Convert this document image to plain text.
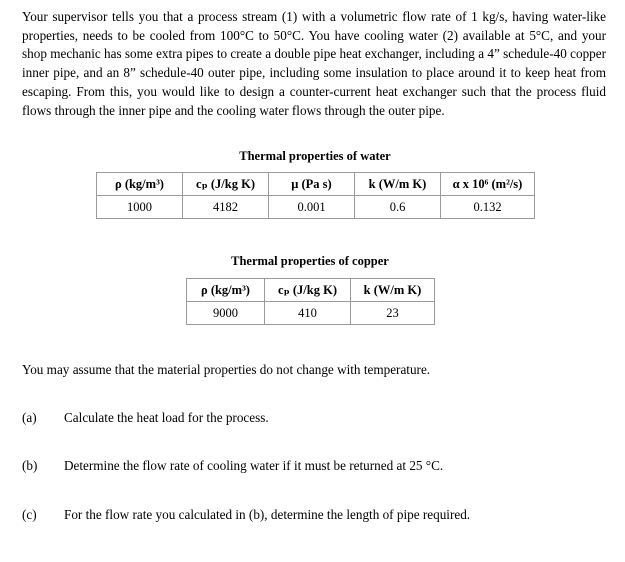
Your supervisor tells you that a process stream (1) with a volumetric flow rate of 1 kg/s, having water-like properties, needs to be cooled from 100°C to 50°C. You have cooling water (2) available at 5°C, and your shop mechanic has some extra pipes to create a double pipe heat exchanger, including a 4” schedule-40 copper inner pipe, and an 8” schedule-40 outer pipe, including some insulation to place around it to keep heat from escaping. From this, you would like to design a counter-current heat exchanger such that the process fluid flows through the inner pipe and the cooling water flows through the outer pipe.
Thermal properties of water
ρ (kg/m³)	cₚ (J/kg K)	μ (Pa s)	k (W/m K)	α x 10⁶ (m²/s)
1000	4182	0.001	0.6	0.132
Thermal properties of copper
ρ (kg/m³)	cₚ (J/kg K)	k (W/m K)
9000	410	23
You may assume that the material properties do not change with temperature.
(a) Calculate the heat load for the process.
(b) Determine the flow rate of cooling water if it must be returned at 25 °C.
(c) For the flow rate you calculated in (b), determine the length of pipe required.
